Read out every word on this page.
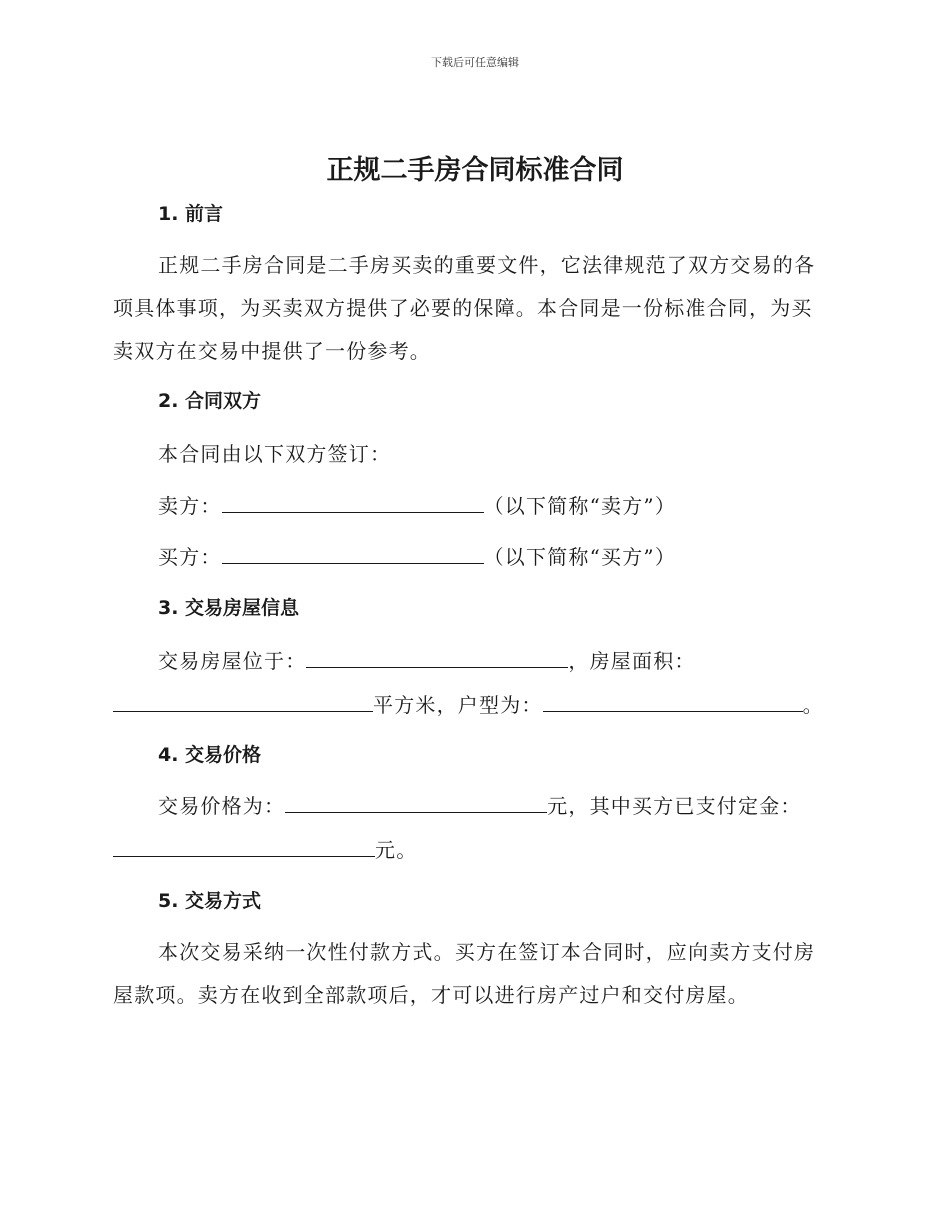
下载后可任意编辑
正规二手房合同标准合同
1. 前言
正规二手房合同是二手房买卖的重要文件，它法律规范了双方交易的各
项具体事项，为买卖双方提供了必要的保障。本合同是一份标准合同，为买
卖双方在交易中提供了一份参考。
2. 合同双方
本合同由以下双方签订：
卖方：	（以下简称“卖方”）
买方：	（以下简称“买方”）
3. 交易房屋信息
交易房屋位于：	，房屋面积：
平方米，户型为：	。
4. 交易价格
交易价格为：	元，其中买方已支付定金：
元。
5. 交易方式
本次交易采纳一次性付款方式。买方在签订本合同时，应向卖方支付房
屋款项。卖方在收到全部款项后，才可以进行房产过户和交付房屋。
